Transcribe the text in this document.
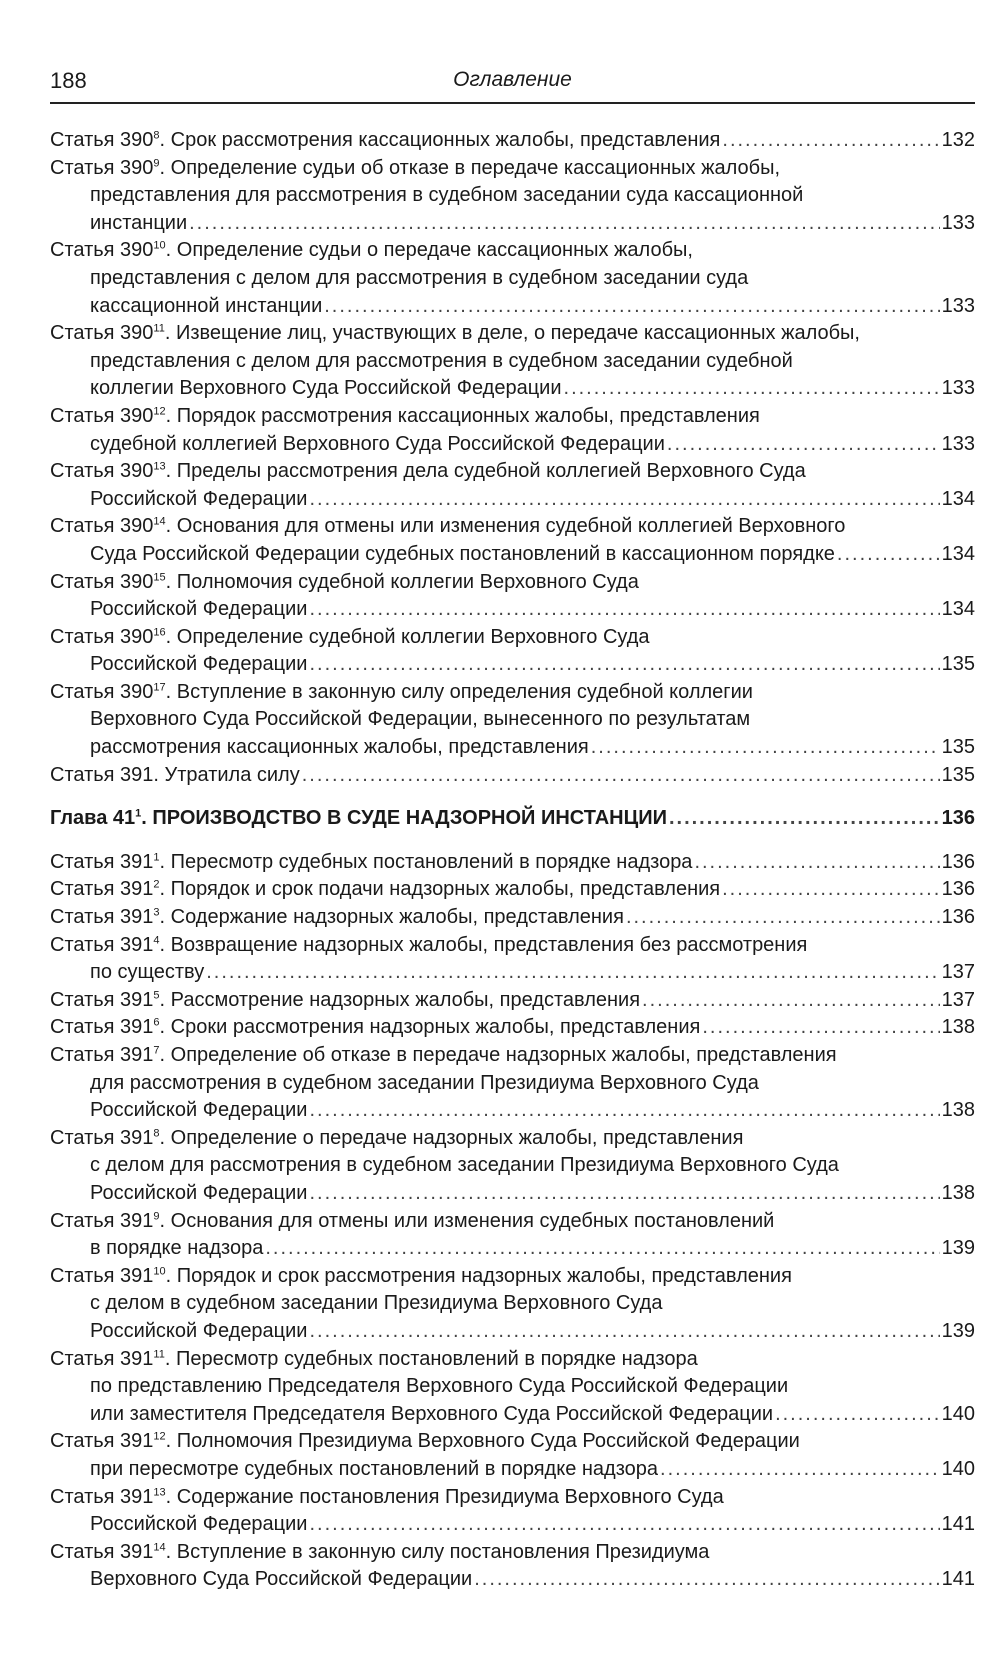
188	Оглавление
Статья $390^8$. Срок рассмотрения кассационных жалобы, представления .....	132
Статья $390^9$. Определение судьи об отказе в передаче кассационных жалобы,
представления для рассмотрения в судебном заседании суда кассационной
инстанции .....	133
Статья $390^{10}$. Определение судьи о передаче кассационных жалобы,
представления с делом для рассмотрения в судебном заседании суда
кассационной инстанции .....	133
Статья $390^{11}$. Извещение лиц, участвующих в деле, о передаче кассационных жалобы,
представления с делом для рассмотрения в судебном заседании судебной
коллегии Верховного Суда Российской Федерации .....	133
Статья $390^{12}$. Порядок рассмотрения кассационных жалобы, представления
судебной коллегией Верховного Суда Российской Федерации .....	133
Статья $390^{13}$. Пределы рассмотрения дела судебной коллегией Верховного Суда
Российской Федерации .....	134
Статья $390^{14}$. Основания для отмены или изменения судебной коллегией Верховного
Суда Российской Федерации судебных постановлений в кассационном порядке .....	134
Статья $390^{15}$. Полномочия судебной коллегии Верховного Суда
Российской Федерации .....	134
Статья $390^{16}$. Определение судебной коллегии Верховного Суда
Российской Федерации .....	135
Статья $390^{17}$. Вступление в законную силу определения судебной коллегии
Верховного Суда Российской Федерации, вынесенного по результатам
рассмотрения кассационных жалобы, представления .....	135
Статья 391. Утратила силу .....	135
Глава $41^1$. ПРОИЗВОДСТВО В СУДЕ НАДЗОРНОЙ ИНСТАНЦИИ .....	136
Статья $391^1$. Пересмотр судебных постановлений в порядке надзора .....	136
Статья $391^2$. Порядок и срок подачи надзорных жалобы, представления .....	136
Статья $391^3$. Содержание надзорных жалобы, представления .....	136
Статья $391^4$. Возвращение надзорных жалобы, представления без рассмотрения
по существу .....	137
Статья $391^5$. Рассмотрение надзорных жалобы, представления .....	137
Статья $391^6$. Сроки рассмотрения надзорных жалобы, представления .....	138
Статья $391^7$. Определение об отказе в передаче надзорных жалобы, представления
для рассмотрения в судебном заседании Президиума Верховного Суда
Российской Федерации .....	138
Статья $391^8$. Определение о передаче надзорных жалобы, представления
с делом для рассмотрения в судебном заседании Президиума Верховного Суда
Российской Федерации .....	138
Статья $391^9$. Основания для отмены или изменения судебных постановлений
в порядке надзора .....	139
Статья $391^{10}$. Порядок и срок рассмотрения надзорных жалобы, представления
с делом в судебном заседании Президиума Верховного Суда
Российской Федерации .....	139
Статья $391^{11}$. Пересмотр судебных постановлений в порядке надзора
по представлению Председателя Верховного Суда Российской Федерации
или заместителя Председателя Верховного Суда Российской Федерации .....	140
Статья $391^{12}$. Полномочия Президиума Верховного Суда Российской Федерации
при пересмотре судебных постановлений в порядке надзора .....	140
Статья $391^{13}$. Содержание постановления Президиума Верховного Суда
Российской Федерации .....	141
Статья $391^{14}$. Вступление в законную силу постановления Президиума
Верховного Суда Российской Федерации .....	141
